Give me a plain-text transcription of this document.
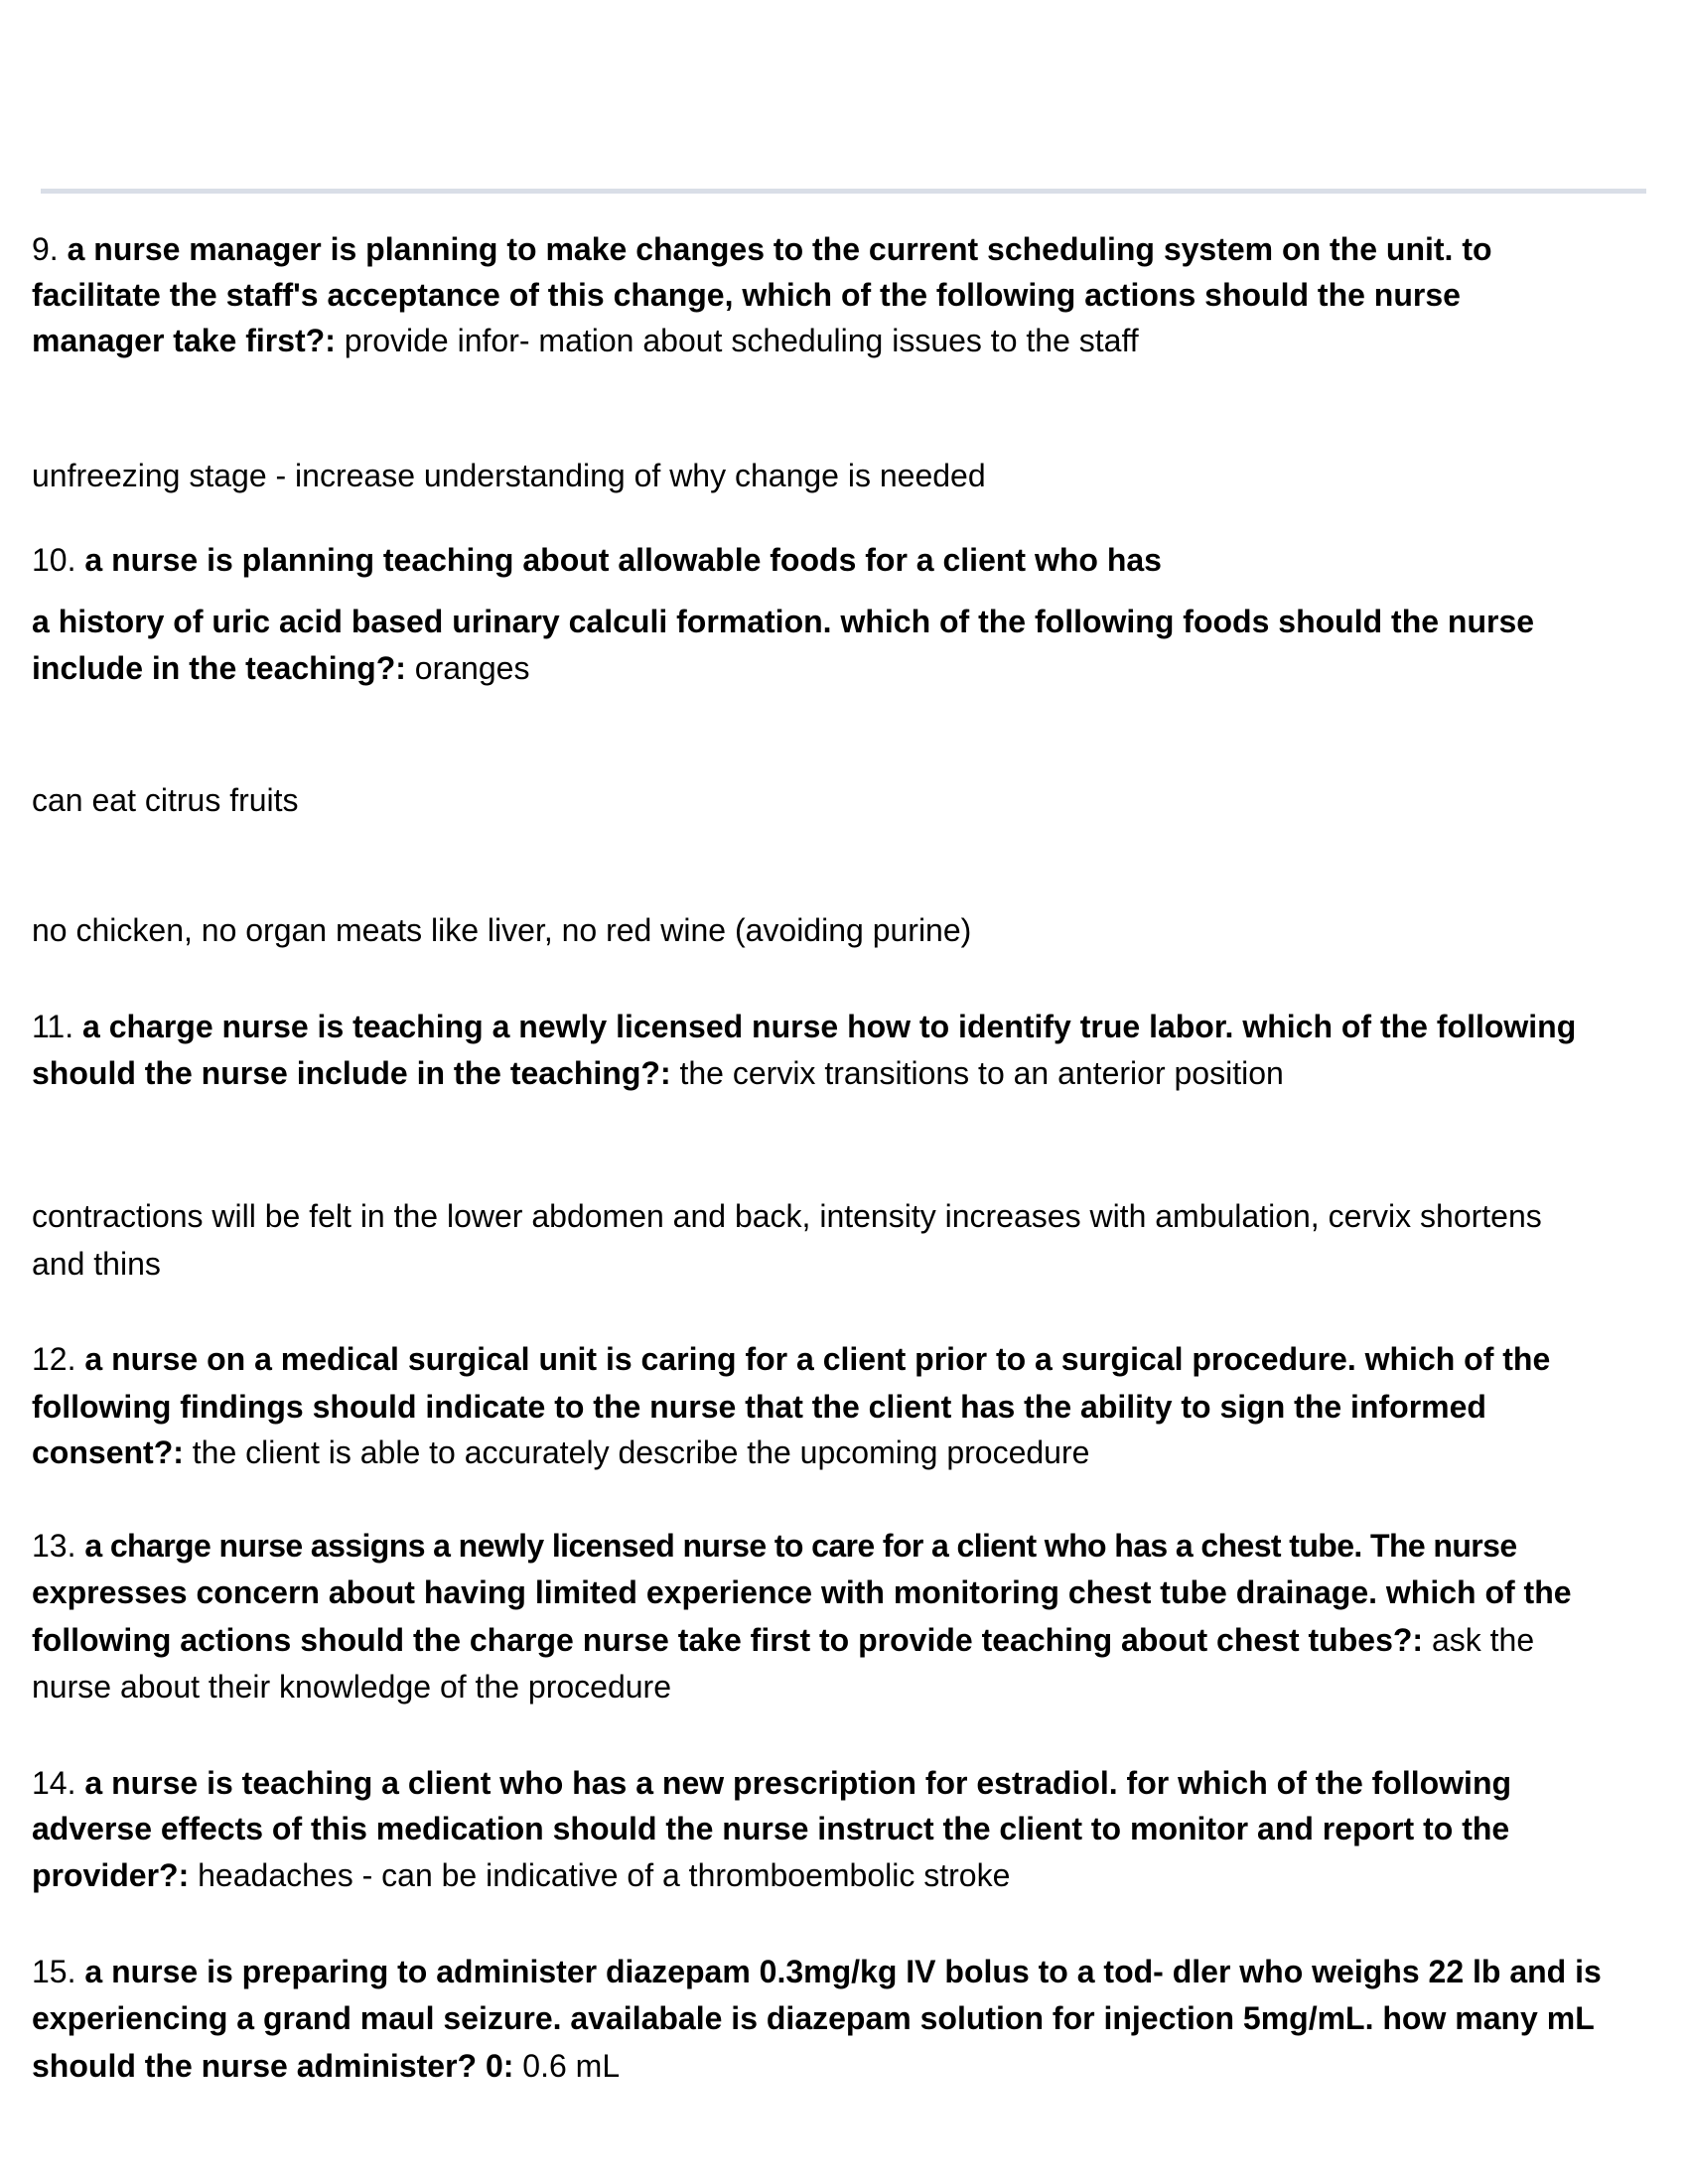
9. a nurse manager is planning to make changes to the current scheduling system on the unit. to
facilitate the staff's acceptance of this change, which of the following actions should the nurse
manager take first?: provide infor- mation about scheduling issues to the staff
unfreezing stage - increase understanding of why change is needed
10. a nurse is planning teaching about allowable foods for a client who has
a history of uric acid based urinary calculi formation. which of the following foods should the nurse
include in the teaching?: oranges
can eat citrus fruits
no chicken, no organ meats like liver, no red wine (avoiding purine)
11. a charge nurse is teaching a newly licensed nurse how to identify true labor. which of the following
should the nurse include in the teaching?: the cervix transitions to an anterior position
contractions will be felt in the lower abdomen and back, intensity increases with ambulation, cervix shortens
and thins
12. a nurse on a medical surgical unit is caring for a client prior to a surgical procedure. which of the
following findings should indicate to the nurse that the client has the ability to sign the informed
consent?: the client is able to accurately describe the upcoming procedure
13. a charge nurse assigns a newly licensed nurse to care for a client who has a chest tube. The nurse
expresses concern about having limited experience with monitoring chest tube drainage. which of the
following actions should the charge nurse take first to provide teaching about chest tubes?: ask the
nurse about their knowledge of the procedure
14. a nurse is teaching a client who has a new prescription for estradiol. for which of the following
adverse effects of this medication should the nurse instruct the client to monitor and report to the
provider?: headaches - can be indicative of a thromboembolic stroke
15. a nurse is preparing to administer diazepam 0.3mg/kg IV bolus to a tod- dler who weighs 22 lb and is
experiencing a grand maul seizure. availabale is diazepam solution for injection 5mg/mL. how many mL
should the nurse administer? 0: 0.6 mL
